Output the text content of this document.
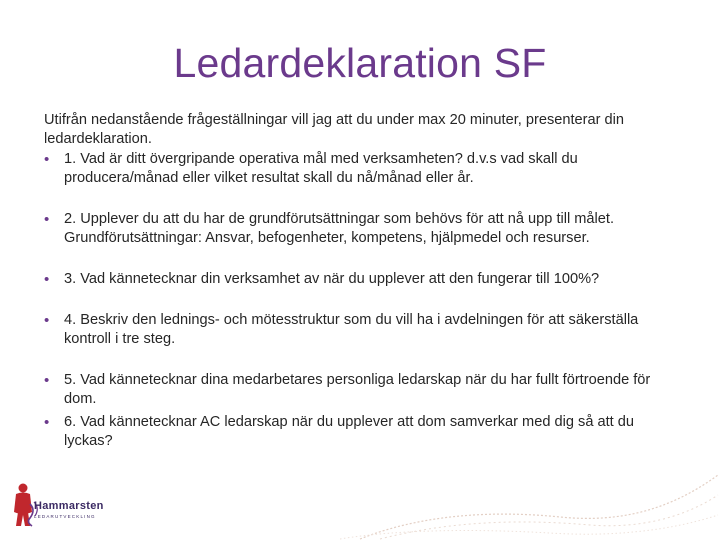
Ledardeklaration SF

Utifrån nedanstående frågeställningar vill jag att du under max 20 minuter, presenterar din ledardeklaration.

• 1. Vad är ditt övergripande operativa mål med verksamheten? d.v.s vad skall du producera/månad eller vilket resultat skall du nå/månad eller år.
• 2. Upplever du att du har de grundförutsättningar som behövs för att nå upp till målet. Grundförutsättningar: Ansvar, befogenheter, kompetens, hjälpmedel och resurser.
• 3. Vad kännetecknar din verksamhet av när du upplever att den fungerar till 100%?
• 4. Beskriv den lednings- och mötesstruktur som du vill ha i avdelningen för att säkerställa kontroll i tre steg.
• 5. Vad kännetecknar dina medarbetares personliga ledarskap när du har fullt förtroende för dom.
• 6. Vad kännetecknar AC ledarskap när du upplever att dom samverkar med dig så att du lyckas?
Hammarsten
LEDARUTVECKLING
